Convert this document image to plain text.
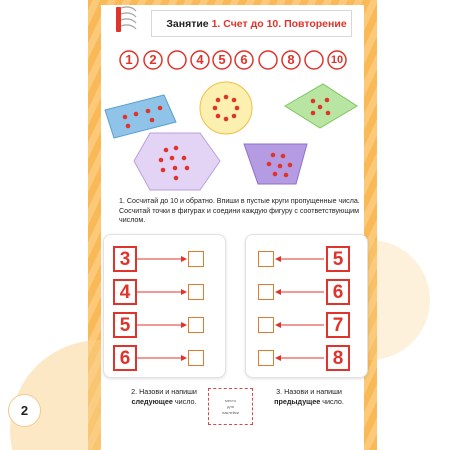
Занятие 1. Счет до 10. Повторение
1	2	4	5	6	8	10
1. Сосчитай до 10 и обратно. Впиши в пустые круги пропущенные числа. Сосчитай точки в фигурах и соедини каждую фигуру с соответствующим числом.
3
4
5
6
5
6
7
8
2. Назови и напиши
следующее число.
3. Назови и напиши
предыдущее число.
место
для
наклейки
2
